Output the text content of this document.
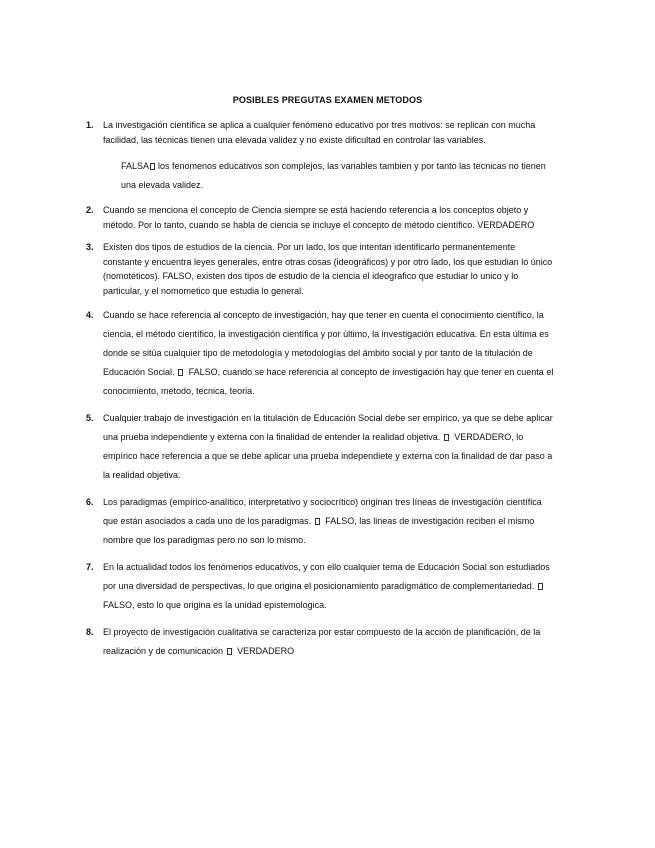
POSIBLES PREGUTAS EXAMEN METODOS
1. La investigación científica se aplica a cualquier fenómeno educativo por tres motivos: se replican con mucha facilidad, las técnicas tienen una elevada validez y no existe dificultad en controlar las variables.
FALSA los fenomenos educativos son complejos, las variables tambien y por tanto las tecnicas no tienen una elevada validez.
2. Cuando se menciona el concepto de Ciencia siempre se está haciendo referencia a los conceptos objeto y método. Por lo tanto, cuando se habla de ciencia se incluye el concepto de método científico. VERDADERO
3. Existen dos tipos de estudios de la ciencia. Por un lado, los que intentan identificarlo permanentemente constante y encuentra leyes generales, entre otras cosas (ideográficos) y por otro lado, los que estudian lo único (nomotéticos). FALSO, existen dos tipos de estudio de la ciencia el ideografico que estudiar lo unico y lo particular, y el nomometico que estudia lo general.
4. Cuando se hace referencia al concepto de investigación, hay que tener en cuenta el conocimiento científico, la ciencia, el método científico, la investigación científica y por último, la investigación educativa. En esta última es donde se sitúa cualquier tipo de metodología y metodologías del ámbito social y por tanto de la titulación de Educación Social. FALSO, cuando se hace referencia al concepto de investigación hay que tener en cuenta el conocimiento, metodo, tecnica, teoria.
5. Cualquier trabajo de investigación en la titulación de Educación Social debe ser empírico, ya que se debe aplicar una prueba independiente y externa con la finalidad de entender la realidad objetiva. VERDADERO, lo empírico hace referencia a que se debe aplicar una prueba independiete y externa con la finalidad de dar paso a la realidad objetiva.
6. Los paradigmas (empírico-analítico, interpretativo y sociocrítico) originan tres líneas de investigación científica que están asociados a cada uno de los paradigmas. FALSO, las lineas de investigación reciben el mismo nombre que los paradigmas pero no son lo mismo.
7. En la actualidad todos los fenómenos educativos, y con ello cualquier tema de Educación Social son estudiados por una diversidad de perspectivas, lo que origina el posicionamiento paradigmático de complementariedad.  FALSO, esto lo que origina es la unidad epistemologica.
8. El proyecto de investigación cualitativa se caracteriza por estar compuesto de la acción de planificación, de la realización y de comunicación VERDADERO
